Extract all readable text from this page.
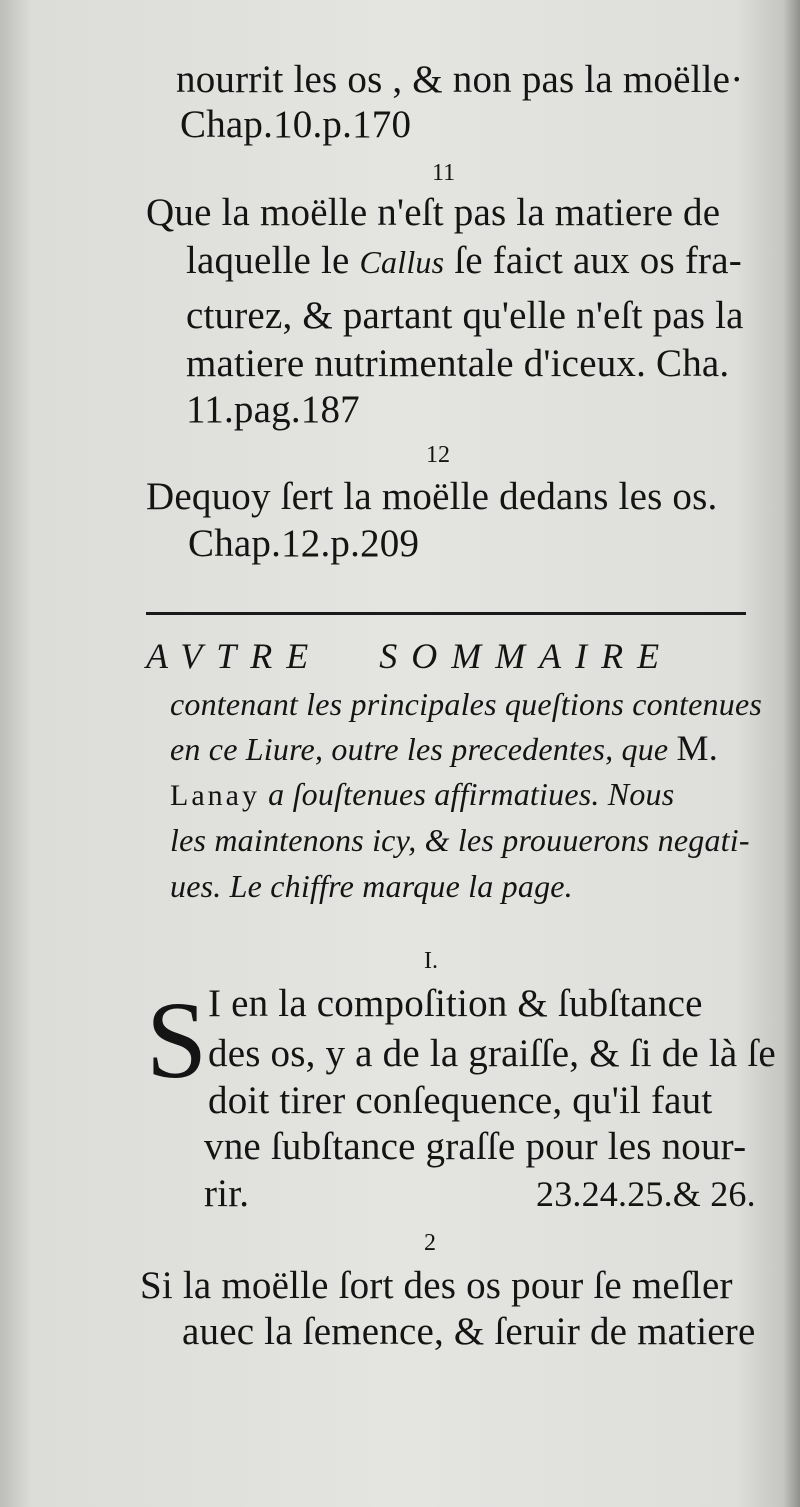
nourrit les os , & non pas la moëlle·
Chap.10.p.170
11
Que la moëlle n'eſt pas la matiere de
laquelle le Callus ſe faict aux os fra-
cturez, & partant qu'elle n'eſt pas la
matiere nutrimentale d'iceux. Cha.
11.pag.187
12
Dequoy ſert la moëlle dedans les os.
Chap.12.p.209
AVTRE SOMMAIRE
contenant les principales queſtions contenues
en ce Liure, outre les precedentes, que M.
Lanay a ſouſtenues affirmatiues. Nous
les maintenons icy, & les prouuerons negati-
ues. Le chiffre marque la page.
I.
S I en la compoſition & ſubſtance
des os, y a de la graiſſe, & ſi de là ſe
doit tirer conſequence, qu'il faut
vne ſubſtance graſſe pour les nour-
rir.	23.24.25.& 26.
2
Si la moëlle ſort des os pour ſe meſler
auec la ſemence, & ſeruir de matiere
